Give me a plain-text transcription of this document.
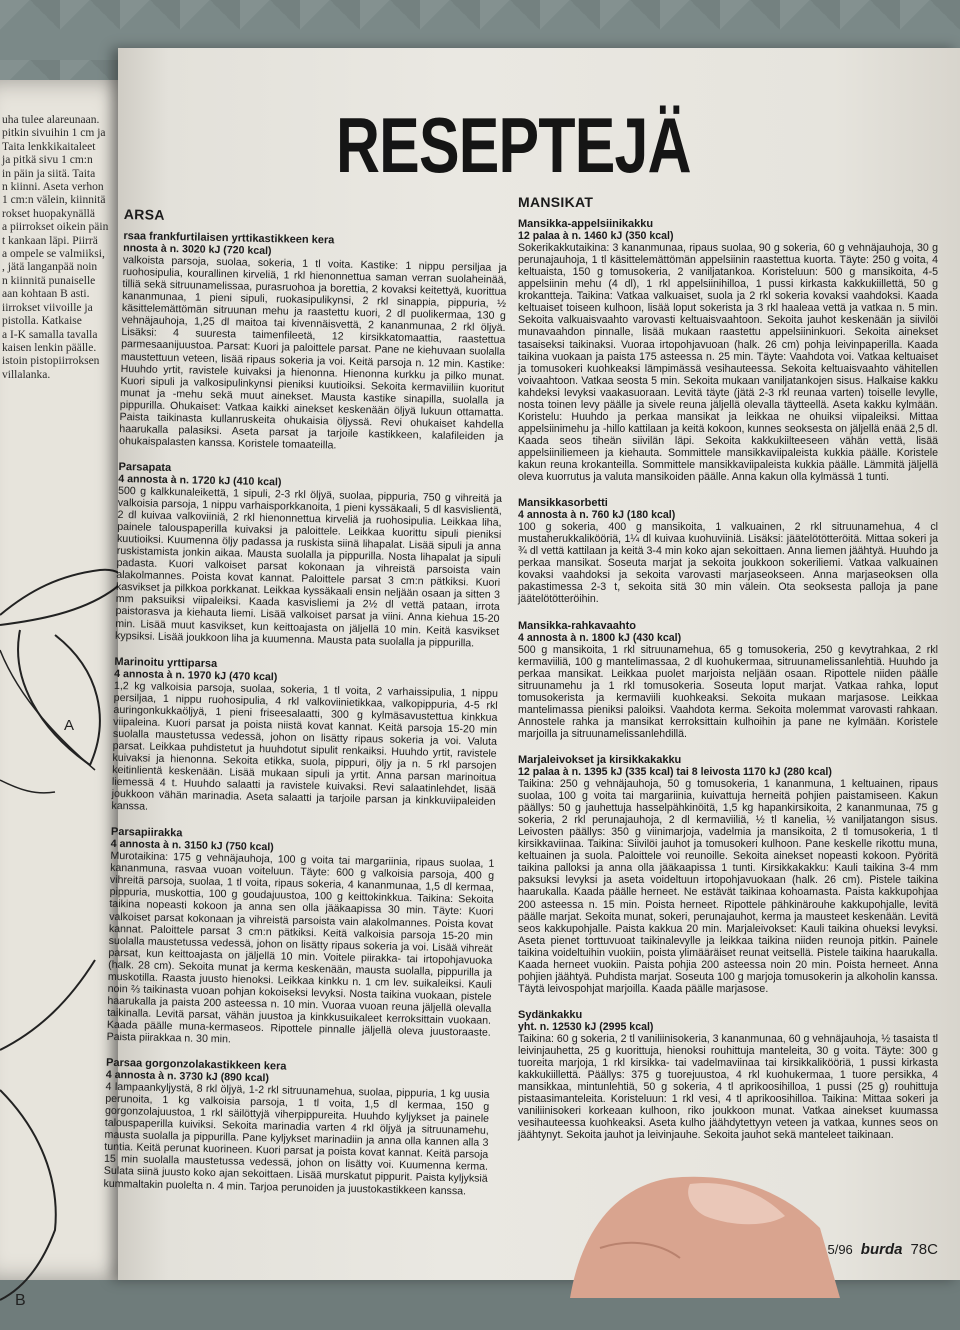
uha tulee alareunaan.
pitkin sivuihin 1 cm ja
Taita lenkkikaitaleet
ja pitkä sivu 1 cm:n
in päin ja siitä. Taita
n kiinni. Aseta verhon
1 cm:n välein, kiinnitä
rokset huopakynällä
a piirrokset oikein päin
t kankaan läpi. Piirrä
a ompele se valmiiksi,
, jätä langanpää noin
n kiinnitä punaiselle
aan kohtaan B asti.
iirrokset viivoille ja
pistolla. Katkaise
a I-K samalla tavalla
kaisen lenkin päälle.
istoin pistopiirroksen
villalanka.
A
B
RESEPTEJÄ
ARSA
rsaa frankfurtilaisen yrttikastikkeen kera
nnosta à n. 3020 kJ (720 kcal)
valkoista parsoja, suolaa, sokeria, 1 tl voita. Kastike: 1 nippu persiljaa ja ruohosipulia, kourallinen kirveliä, 1 rkl hienonnettua saman verran suolaheinää, tilliä sekä sitruunamelissaa, purasruohoa ja borettia, 2 kovaksi keitettyä, kuorittua kananmunaa, 1 pieni sipuli, ruokasipulikynsi, 2 rkl sinappia, pippuria, ½ käsittelemättömän sitruunan mehu ja raastettu kuori, 2 dl puolikermaa, 130 g vehnäjauhoja, 1,25 dl maitoa tai kivennäisvettä, 2 kananmunaa, 2 rkl öljyä. Lisäksi: 4 suuresta taimenfileetä, 12 kirsikkatomaattia, raastettua parmesaanijuustoa. Parsat: Kuori ja paloittele parsat. Pane ne kiehuvaan suolalla maustettuun veteen, lisää ripaus sokeria ja voi. Keitä parsoja n. 12 min. Kastike: Huuhdo yrtit, ravistele kuivaksi ja hienonna. Hienonna kurkku ja pilko munat. Kuori sipuli ja valkosipulinkynsi pieniksi kuutioiksi. Sekoita kermaviiliin kuoritut munat ja -mehu sekä muut ainekset. Mausta kastike sinapilla, suolalla ja pippurilla. Ohukaiset: Vatkaa kaikki ainekset keskenään öljyä lukuun ottamatta. Paista taikinasta kullanruskeita ohukaisia öljyssä. Revi ohukaiset kahdella haarukalla palasiksi. Aseta parsat ja tarjoile kastikkeen, kalafileiden ja ohukaispalasten kanssa. Koristele tomaateilla.
Parsapata
4 annosta à n. 1720 kJ (410 kcal)
500 g kalkkunaleikettä, 1 sipuli, 2-3 rkl öljyä, suolaa, pippuria, 750 g vihreitä ja valkoisia parsoja, 1 nippu varhaisporkkanoita, 1 pieni kyssäkaali, 5 dl kasvislientä, 2 dl kuivaa valkoviiniä, 2 rkl hienonnettua kirveliä ja ruohosipulia. Leikkaa liha, painele talouspaperilla kuivaksi ja paloittele. Leikkaa kuorittu sipuli pieniksi kuutioiksi. Kuumenna öljy padassa ja ruskista siinä lihapalat. Lisää sipuli ja anna ruskistamista jonkin aikaa. Mausta suolalla ja pippurilla. Nosta lihapalat ja sipuli padasta. Kuori valkoiset parsat kokonaan ja vihreistä parsoista vain alakolmannes. Poista kovat kannat. Paloittele parsat 3 cm:n pätkiksi. Kuori kasvikset ja pilkkoa porkkanat. Leikkaa kyssäkaali ensin neljään osaan ja sitten 3 mm paksuiksi viipaleiksi. Kaada kasvisliemi ja 2½ dl vettä pataan, irrota paistorasva ja kiehauta liemi. Lisää valkoiset parsat ja viini. Anna kiehua 15-20 min. Lisää muut kasvikset, kun keittoajasta on jäljellä 10 min. Keitä kasvikset kypsiksi. Lisää joukkoon liha ja kuumenna. Mausta pata suolalla ja pippurilla.
Marinoitu yrttiparsa
4 annosta à n. 1970 kJ (470 kcal)
1,2 kg valkoisia parsoja, suolaa, sokeria, 1 tl voita, 2 varhaissipulia, 1 nippu persiljaa, 1 nippu ruohosipulia, 4 rkl valkoviinietikkaa, valkopippuria, 4-5 rkl auringonkukkaöljyä, 1 pieni friseesalaatti, 300 g kylmäsavustettua kinkkua viipaleina. Kuori parsat ja poista niistä kovat kannat. Keitä parsoja 15-20 min suolalla maustetussa vedessä, johon on lisätty ripaus sokeria ja voi. Valuta parsat. Leikkaa puhdistetut ja huuhdotut sipulit renkaiksi. Huuhdo yrtit, ravistele kuivaksi ja hienonna. Sekoita etikka, suola, pippuri, öljy ja n. 5 rkl parsojen keitinlientä keskenään. Lisää mukaan sipuli ja yrtit. Anna parsan marinoitua liemessä 4 t. Huuhdo salaatti ja ravistele kuivaksi. Revi salaatinlehdet, lisää joukkoon vähän marinadia. Aseta salaatti ja tarjoile parsan ja kinkkuviipaleiden kanssa.
Parsapiirakka
4 annosta à n. 3150 kJ (750 kcal)
Murotaikina: 175 g vehnäjauhoja, 100 g voita tai margariinia, ripaus suolaa, 1 kananmuna, rasvaa vuoan voiteluun. Täyte: 600 g valkoisia parsoja, 400 g vihreitä parsoja, suolaa, 1 tl voita, ripaus sokeria, 4 kananmunaa, 1,5 dl kermaa, pippuria, muskottia, 100 g goudajuustoa, 100 g keittokinkkua. Taikina: Sekoita taikina nopeasti kokoon ja anna sen olla jääkaapissa 30 min. Täyte: Kuori valkoiset parsat kokonaan ja vihreistä parsoista vain alakolmannes. Poista kovat kannat. Paloittele parsat 3 cm:n pätkiksi. Keitä valkoisia parsoja 15-20 min suolalla maustetussa vedessä, johon on lisätty ripaus sokeria ja voi. Lisää vihreät parsat, kun keittoajasta on jäljellä 10 min. Voitele piirakka- tai irtopohjavuoka (halk. 28 cm). Sekoita munat ja kerma keskenään, mausta suolalla, pippurilla ja muskotilla. Raasta juusto hienoksi. Leikkaa kinkku n. 1 cm lev. suikaleiksi. Kauli noin ⅔ taikinasta vuoan pohjan kokoiseksi levyksi. Nosta taikina vuokaan, pistele haarukalla ja paista 200 asteessa n. 10 min. Vuoraa vuoan reuna jäljellä olevalla taikinalla. Levitä parsat, vähän juustoa ja kinkkusuikaleet kerroksittain vuokaan. Kaada päälle muna-kermaseos. Ripottele pinnalle jäljellä oleva juustoraaste. Paista piirakkaa n. 30 min.
Parsaa gorgonzolakastikkeen kera
4 annosta à n. 3730 kJ (890 kcal)
4 lampaankyljystä, 8 rkl öljyä, 1-2 rkl sitruunamehua, suolaa, pippuria, 1 kg uusia perunoita, 1 kg valkoisia parsoja, 1 tl voita, 1,5 dl kermaa, 150 g gorgonzolajuustoa, 1 rkl säilöttyjä viherpippureita. Huuhdo kyljykset ja painele talouspaperilla kuiviksi. Sekoita marinadia varten 4 rkl öljyä ja sitruunamehu, mausta suolalla ja pippurilla. Pane kyljykset marinadiin ja anna olla kannen alla 3 tuntia. Keitä perunat kuorineen. Kuori parsat ja poista kovat kannat. Keitä parsoja 15 min suolalla maustetussa vedessä, johon on lisätty voi. Kuumenna kerma. Sulata siinä juusto koko ajan sekoittaen. Lisää murskatut pippurit. Paista kyljyksiä kummaltakin puolelta n. 4 min. Tarjoa perunoiden ja juustokastikkeen kanssa.
MANSIKAT
Mansikka-appelsiinikakku
12 palaa à n. 1460 kJ (350 kcal)
Sokerikakkutaikina: 3 kananmunaa, ripaus suolaa, 90 g sokeria, 60 g vehnäjauhoja, 30 g perunajauhoja, 1 tl käsittelemättömän appelsiinin raastettua kuorta. Täyte: 250 g voita, 4 keltuaista, 150 g tomusokeria, 2 vaniljatankoa. Koristeluun: 500 g mansikoita, 4-5 appelsiinin mehu (4 dl), 1 rkl appelsiinihilloa, 1 pussi kirkasta kakkukiillettä, 50 g krokantteja. Taikina: Vatkaa valkuaiset, suola ja 2 rkl sokeria kovaksi vaahdoksi. Kaada keltuaiset toiseen kulhoon, lisää loput sokerista ja 3 rkl haaleaa vettä ja vatkaa n. 5 min. Sekoita valkuaisvaahto varovasti keltuaisvaahtoon. Sekoita jauhot keskenään ja siivilöi munavaahdon pinnalle, lisää mukaan raastettu appelsiininkuori. Sekoita ainekset tasaiseksi taikinaksi. Vuoraa irtopohjavuoan (halk. 26 cm) pohja leivinpaperilla. Kaada taikina vuokaan ja paista 175 asteessa n. 25 min. Täyte: Vaahdota voi. Vatkaa keltuaiset ja tomusokeri kuohkeaksi lämpimässä vesihauteessa. Sekoita keltuaisvaahto vähitellen voivaahtoon. Vatkaa seosta 5 min. Sekoita mukaan vaniljatankojen sisus. Halkaise kakku kahdeksi levyksi vaakasuoraan. Levitä täyte (jätä 2-3 rkl reunaa varten) toiselle levylle, nosta toinen levy päälle ja sivele reuna jäljellä olevalla täytteellä. Aseta kakku kylmään. Koristelu: Huuhdo ja perkaa mansikat ja leikkaa ne ohuiksi viipaleiksi. Mittaa appelsiinimehu ja -hillo kattilaan ja keitä kokoon, kunnes seoksesta on jäljellä enää 2,5 dl. Kaada seos tiheän siivilän läpi. Sekoita kakkukiilteeseen vähän vettä, lisää appelsiiniliemeen ja kiehauta. Sommittele mansikkaviipaleista kukkia päälle. Koristele kakun reuna krokanteilla. Sommittele mansikkaviipaleista kukkia päälle. Lämmitä jäljellä oleva kuorrutus ja valuta mansikoiden päälle. Anna kakun olla kylmässä 1 tunti.
Mansikkasorbetti
4 annosta à n. 760 kJ (180 kcal)
100 g sokeria, 400 g mansikoita, 1 valkuainen, 2 rkl sitruunamehua, 4 cl mustaherukkalikööriä, 1¼ dl kuivaa kuohuviiniä. Lisäksi: jäätelötötteröitä. Mittaa sokeri ja ¾ dl vettä kattilaan ja keitä 3-4 min koko ajan sekoittaen. Anna liemen jäähtyä. Huuhdo ja perkaa mansikat. Soseuta marjat ja sekoita joukkoon sokeriliemi. Vatkaa valkuainen kovaksi vaahdoksi ja sekoita varovasti marjaseokseen. Anna marjaseoksen olla pakastimessa 2-3 t, sekoita sitä 30 min välein. Ota seoksesta palloja ja pane jäätelötötteröihin.
Mansikka-rahkavaahto
4 annosta à n. 1800 kJ (430 kcal)
500 g mansikoita, 1 rkl sitruunamehua, 65 g tomusokeria, 250 g kevytrahkaa, 2 rkl kermaviiliä, 100 g mantelimassaa, 2 dl kuohukermaa, sitruunamelissanlehtiä. Huuhdo ja perkaa mansikat. Leikkaa puolet marjoista neljään osaan. Ripottele niiden päälle sitruunamehu ja 1 rkl tomusokeria. Soseuta loput marjat. Vatkaa rahka, loput tomusokerista ja kermaviili kuohkeaksi. Sekoita mukaan marjasose. Leikkaa mantelimassa pieniksi paloiksi. Vaahdota kerma. Sekoita molemmat varovasti rahkaan. Annostele rahka ja mansikat kerroksittain kulhoihin ja pane ne kylmään. Koristele marjoilla ja sitruunamelissanlehdillä.
Marjaleivokset ja kirsikkakakku
12 palaa à n. 1395 kJ (335 kcal) tai 8 leivosta 1170 kJ (280 kcal)
Taikina: 250 g vehnäjauhoja, 50 g tomusokeria, 1 kananmuna, 1 keltuainen, ripaus suolaa, 100 g voita tai margariinia, kuivattuja herneitä pohjien paistamiseen. Kakun päällys: 50 g jauhettuja hasselpähkinöitä, 1,5 kg hapankirsikoita, 2 kananmunaa, 75 g sokeria, 2 rkl perunajauhoja, 2 dl kermaviiliä, ½ tl kanelia, ½ vaniljatangon sisus. Leivosten päällys: 350 g viinimarjoja, vadelmia ja mansikoita, 2 tl tomusokeria, 1 tl kirsikkaviinaa. Taikina: Siivilöi jauhot ja tomusokeri kulhoon. Pane keskelle rikottu muna, keltuainen ja suola. Paloittele voi reunoille. Sekoita ainekset nopeasti kokoon. Pyöritä taikina palloksi ja anna olla jääkaapissa 1 tunti. Kirsikkakakku: Kauli taikina 3-4 mm paksuksi levyksi ja aseta voideltuun irtopohjavuokaan (halk. 26 cm). Pistele taikina haarukalla. Kaada päälle herneet. Ne estävät taikinaa kohoamasta. Paista kakkupohjaa 200 asteessa n. 15 min. Poista herneet. Ripottele pähkinärouhe kakkupohjalle, levitä päälle marjat. Sekoita munat, sokeri, perunajauhot, kerma ja mausteet keskenään. Levitä seos kakkupohjalle. Paista kakkua 20 min. Marjaleivokset: Kauli taikina ohueksi levyksi. Aseta pienet torttuvuoat taikinalevylle ja leikkaa taikina niiden reunoja pitkin. Painele taikina voideltuihin vuokiin, poista ylimääräiset reunat veitsellä. Pistele taikina haarukalla. Kaada herneet vuokiin. Paista pohjia 200 asteessa noin 20 min. Poista herneet. Anna pohjien jäähtyä. Puhdista marjat. Soseuta 100 g marjoja tomusokerin ja alkoholin kanssa. Täytä leivospohjat marjoilla. Kaada päälle marjasose.
Sydänkakku
yht. n. 12530 kJ (2995 kcal)
Taikina: 60 g sokeria, 2 tl vaniliinisokeria, 3 kananmunaa, 60 g vehnäjauhoja, ½ tasaista tl leivinjauhetta, 25 g kuorittuja, hienoksi rouhittuja manteleita, 30 g voita. Täyte: 300 g tuoreita marjoja, 1 rkl kirsikka- tai vadelmaviinaa tai kirsikkalikööriä, 1 pussi kirkasta kakkukiillettä. Päällys: 375 g tuorejuustoa, 4 rkl kuohukermaa, 1 tuore persikka, 4 mansikkaa, mintunlehtiä, 50 g sokeria, 4 tl aprikoosihilloa, 1 pussi (25 g) rouhittuja pistaasimanteleita. Koristeluun: 1 rkl vesi, 4 tl aprikoosihilloa. Taikina: Mittaa sokeri ja vaniliinisokeri korkeaan kulhoon, riko joukkoon munat. Vatkaa ainekset kuumassa vesihauteessa kuohkeaksi. Aseta kulho jäähdytettyyn veteen ja vatkaa, kunnes seos on jäähtynyt. Sekoita jauhot ja leivinjauhe. Sekoita jauhot sekä manteleet taikinaan.
5/96 burda 78C
